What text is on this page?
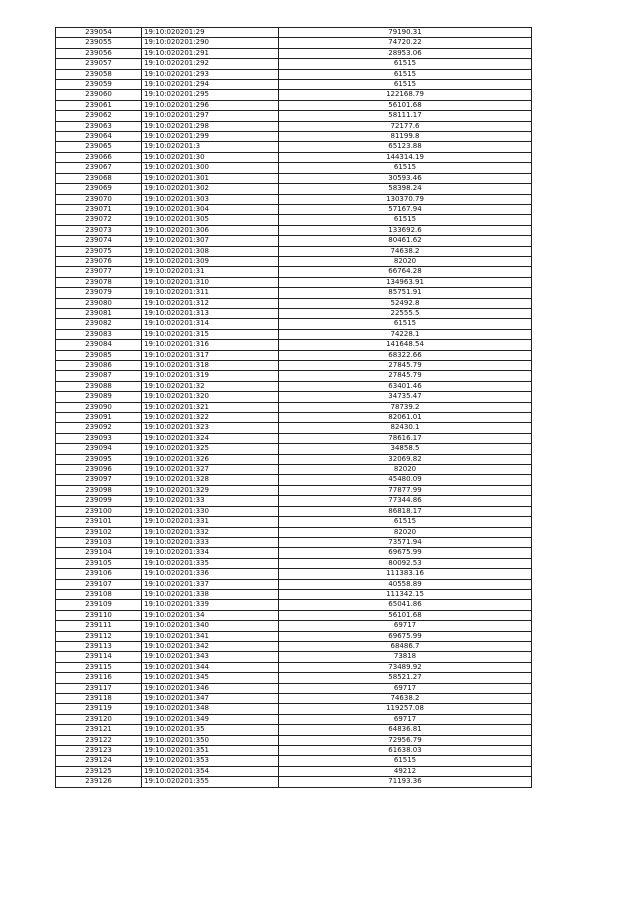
239054	19:10:020201:29	79190.31
239055	19:10:020201:290	74720.22
239056	19:10:020201:291	28953.06
239057	19:10:020201:292	61515
239058	19:10:020201:293	61515
239059	19:10:020201:294	61515
239060	19:10:020201:295	122168.79
239061	19:10:020201:296	56101.68
239062	19:10:020201:297	58111.17
239063	19:10:020201:298	72177.6
239064	19:10:020201:299	81199.8
239065	19:10:020201:3	65123.88
239066	19:10:020201:30	144314.19
239067	19:10:020201:300	61515
239068	19:10:020201:301	30593.46
239069	19:10:020201:302	58398.24
239070	19:10:020201:303	130370.79
239071	19:10:020201:304	57167.94
239072	19:10:020201:305	61515
239073	19:10:020201:306	133692.6
239074	19:10:020201:307	80461.62
239075	19:10:020201:308	74638.2
239076	19:10:020201:309	82020
239077	19:10:020201:31	66764.28
239078	19:10:020201:310	134963.91
239079	19:10:020201:311	85751.91
239080	19:10:020201:312	52492.8
239081	19:10:020201:313	22555.5
239082	19:10:020201:314	61515
239083	19:10:020201:315	74228.1
239084	19:10:020201:316	141648.54
239085	19:10:020201:317	68322.66
239086	19:10:020201:318	27845.79
239087	19:10:020201:319	27845.79
239088	19:10:020201:32	63401.46
239089	19:10:020201:320	34735.47
239090	19:10:020201:321	78739.2
239091	19:10:020201:322	82061.01
239092	19:10:020201:323	82430.1
239093	19:10:020201:324	78616.17
239094	19:10:020201:325	34858.5
239095	19:10:020201:326	32069.82
239096	19:10:020201:327	82020
239097	19:10:020201:328	45480.09
239098	19:10:020201:329	77877.99
239099	19:10:020201:33	77344.86
239100	19:10:020201:330	86818.17
239101	19:10:020201:331	61515
239102	19:10:020201:332	82020
239103	19:10:020201:333	73571.94
239104	19:10:020201:334	69675.99
239105	19:10:020201:335	80092.53
239106	19:10:020201:336	111383.16
239107	19:10:020201:337	40558.89
239108	19:10:020201:338	111342.15
239109	19:10:020201:339	65041.86
239110	19:10:020201:34	56101.68
239111	19:10:020201:340	69717
239112	19:10:020201:341	69675.99
239113	19:10:020201:342	68486.7
239114	19:10:020201:343	73818
239115	19:10:020201:344	73489.92
239116	19:10:020201:345	58521.27
239117	19:10:020201:346	69717
239118	19:10:020201:347	74638.2
239119	19:10:020201:348	119257.08
239120	19:10:020201:349	69717
239121	19:10:020201:35	64836.81
239122	19:10:020201:350	72956.79
239123	19:10:020201:351	61638.03
239124	19:10:020201:353	61515
239125	19:10:020201:354	49212
239126	19:10:020201:355	71193.36
